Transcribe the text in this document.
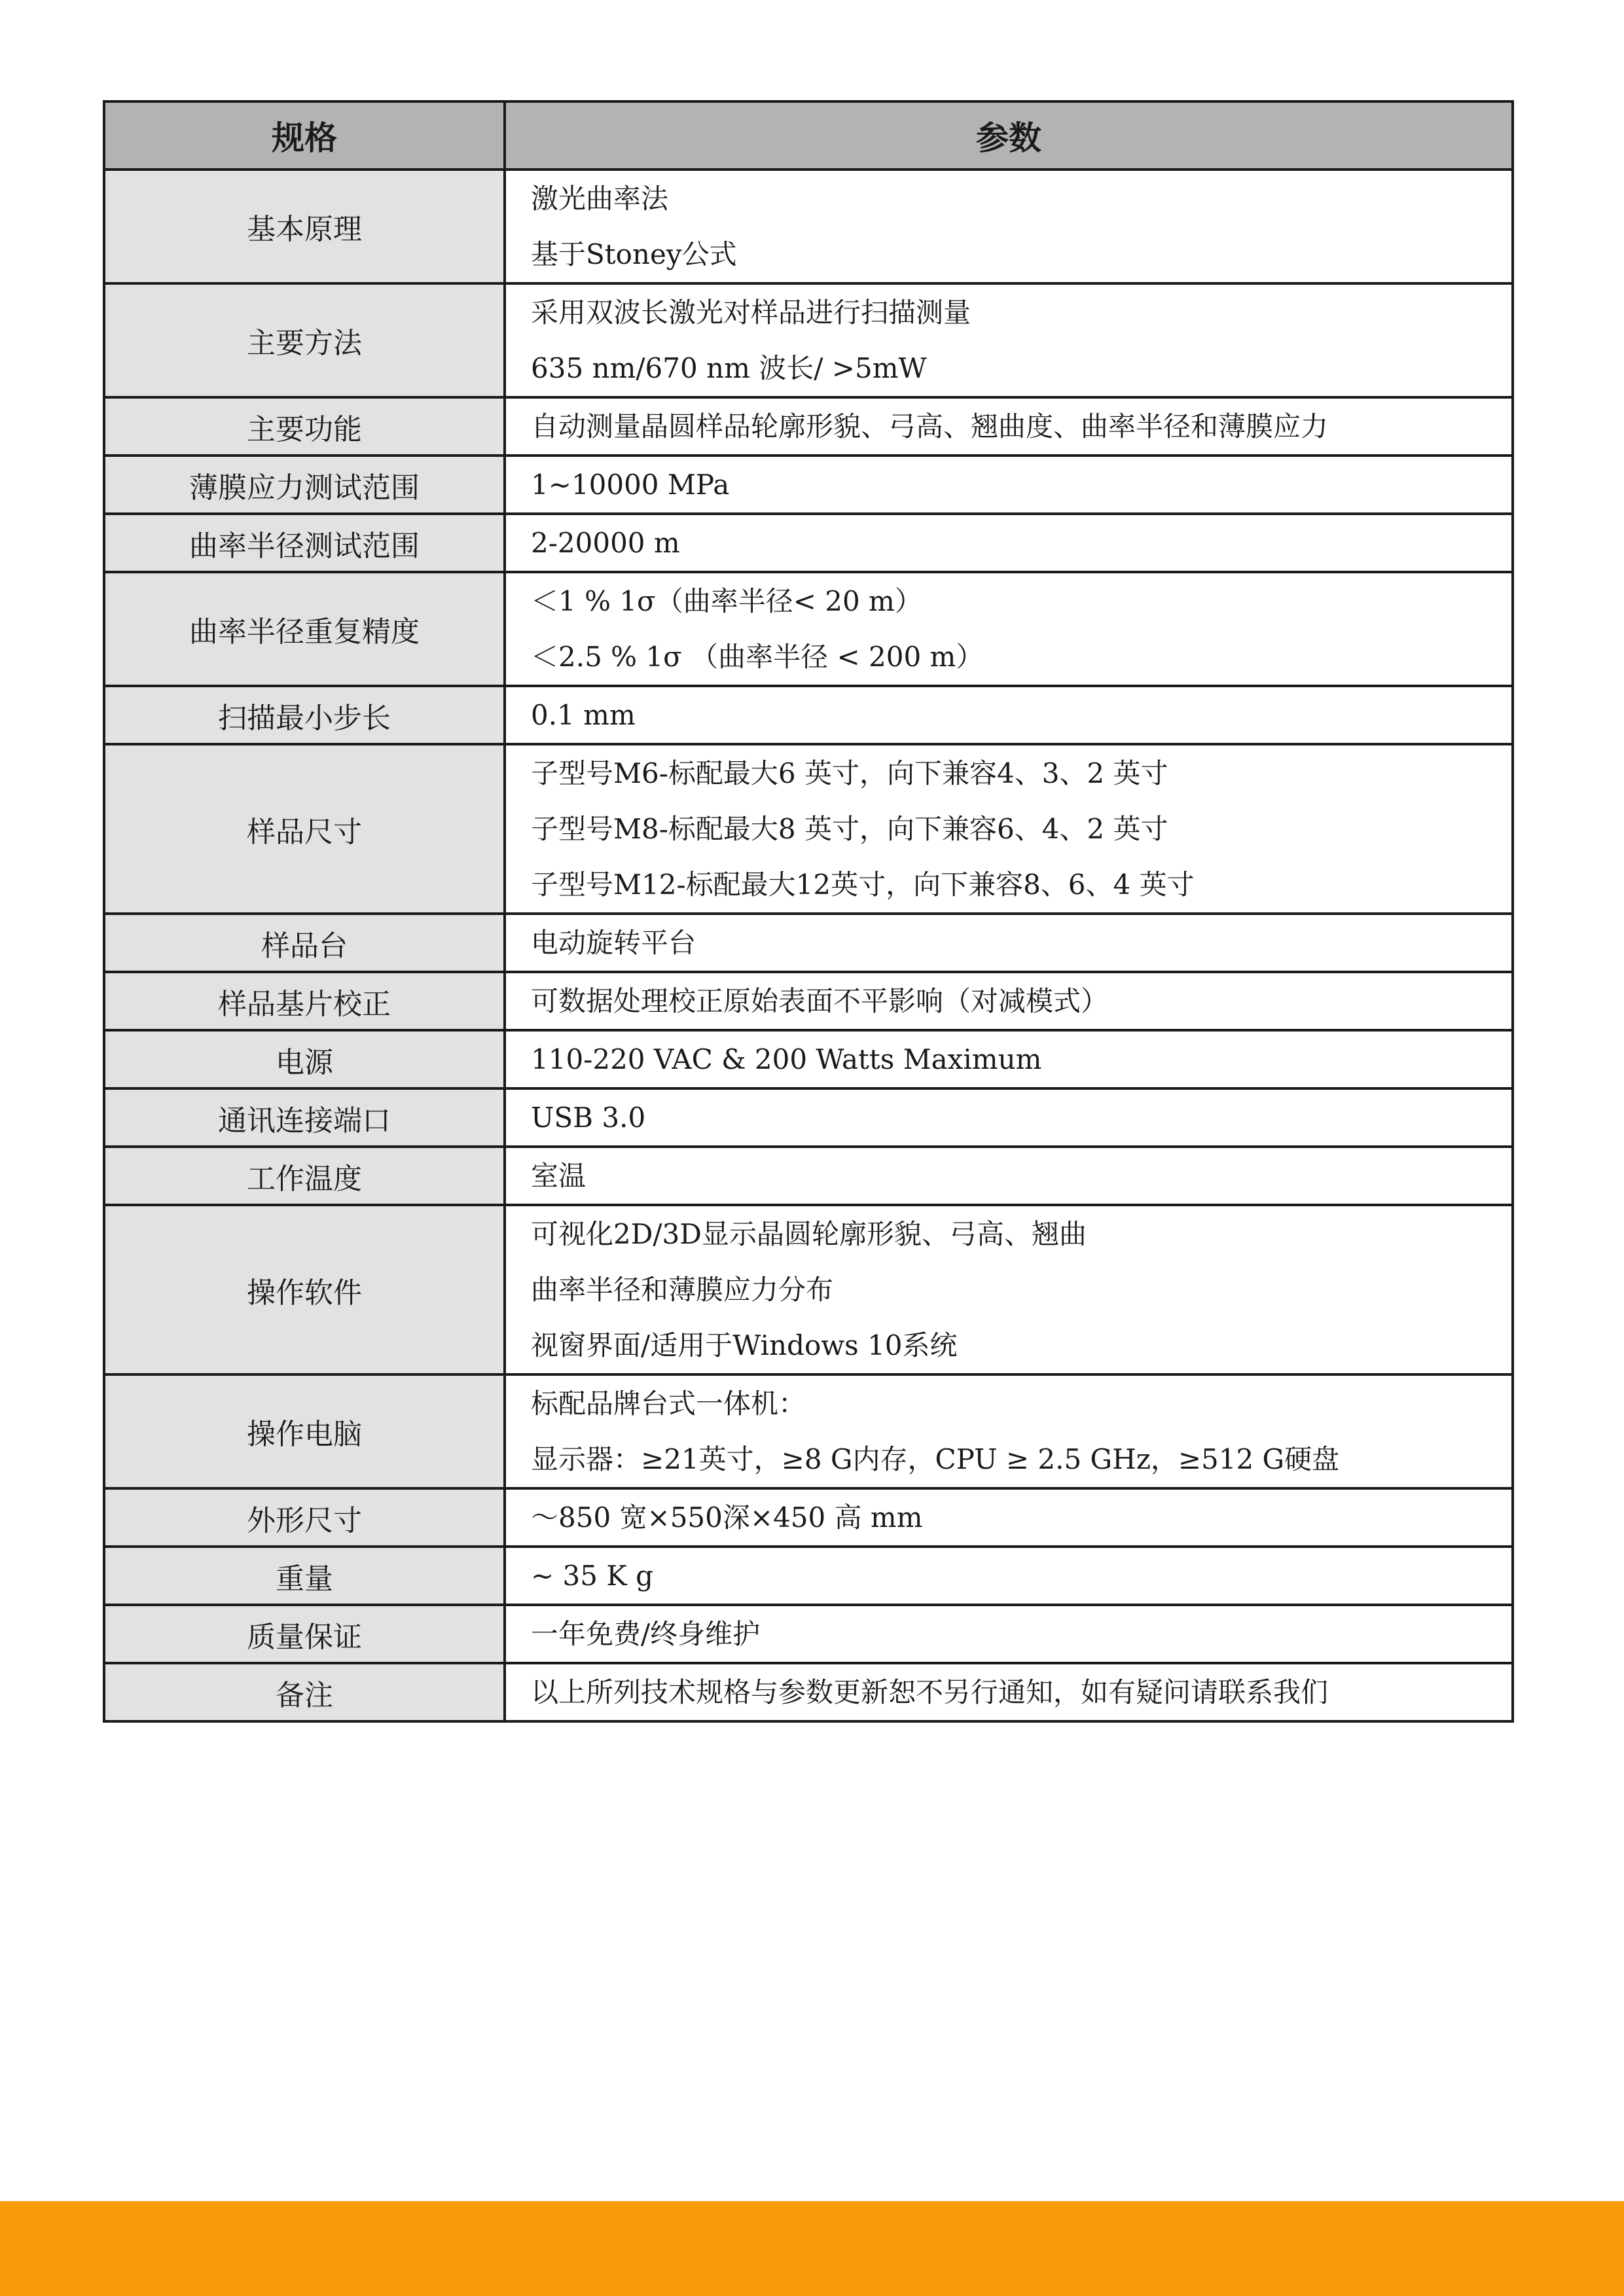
规格	参数
基本原理	激光曲率法
基于Stoney公式

主要方法	采用双波长激光对样品进行扫描测量
635 nm/670 nm 波长/ >5mW

主要功能	自动测量晶圆样品轮廓形貌、弓高、翘曲度、曲率半径和薄膜应力

薄膜应力测试范围	1~10000 MPa

曲率半径测试范围	2-20000 m

曲率半径重复精度	＜1 % 1σ（曲率半径< 20 m）
＜2.5 % 1σ （曲率半径 < 200 m）

扫描最小步长	0.1 mm

样品尺寸	子型号M6-标配最大6 英寸，向下兼容4、3、2 英寸
子型号M8-标配最大8 英寸，向下兼容6、4、2 英寸
子型号M12-标配最大12英寸，向下兼容8、6、4 英寸

样品台	电动旋转平台

样品基片校正	可数据处理校正原始表面不平影响（对减模式）

电源	110-220 VAC & 200 Watts Maximum

通讯连接端口	USB 3.0

工作温度	室温

操作软件	可视化2D/3D显示晶圆轮廓形貌、弓高、翘曲
曲率半径和薄膜应力分布
视窗界面/适用于Windows 10系统

操作电脑	标配品牌台式一体机：
显示器：≥21英寸，≥8 G内存，CPU ≥ 2.5 GHz，≥512 G硬盘

外形尺寸	～850 宽×550深×450 高 mm

重量	~ 35 K g

质量保证	一年免费/终身维护

备注	以上所列技术规格与参数更新恕不另行通知，如有疑问请联系我们
